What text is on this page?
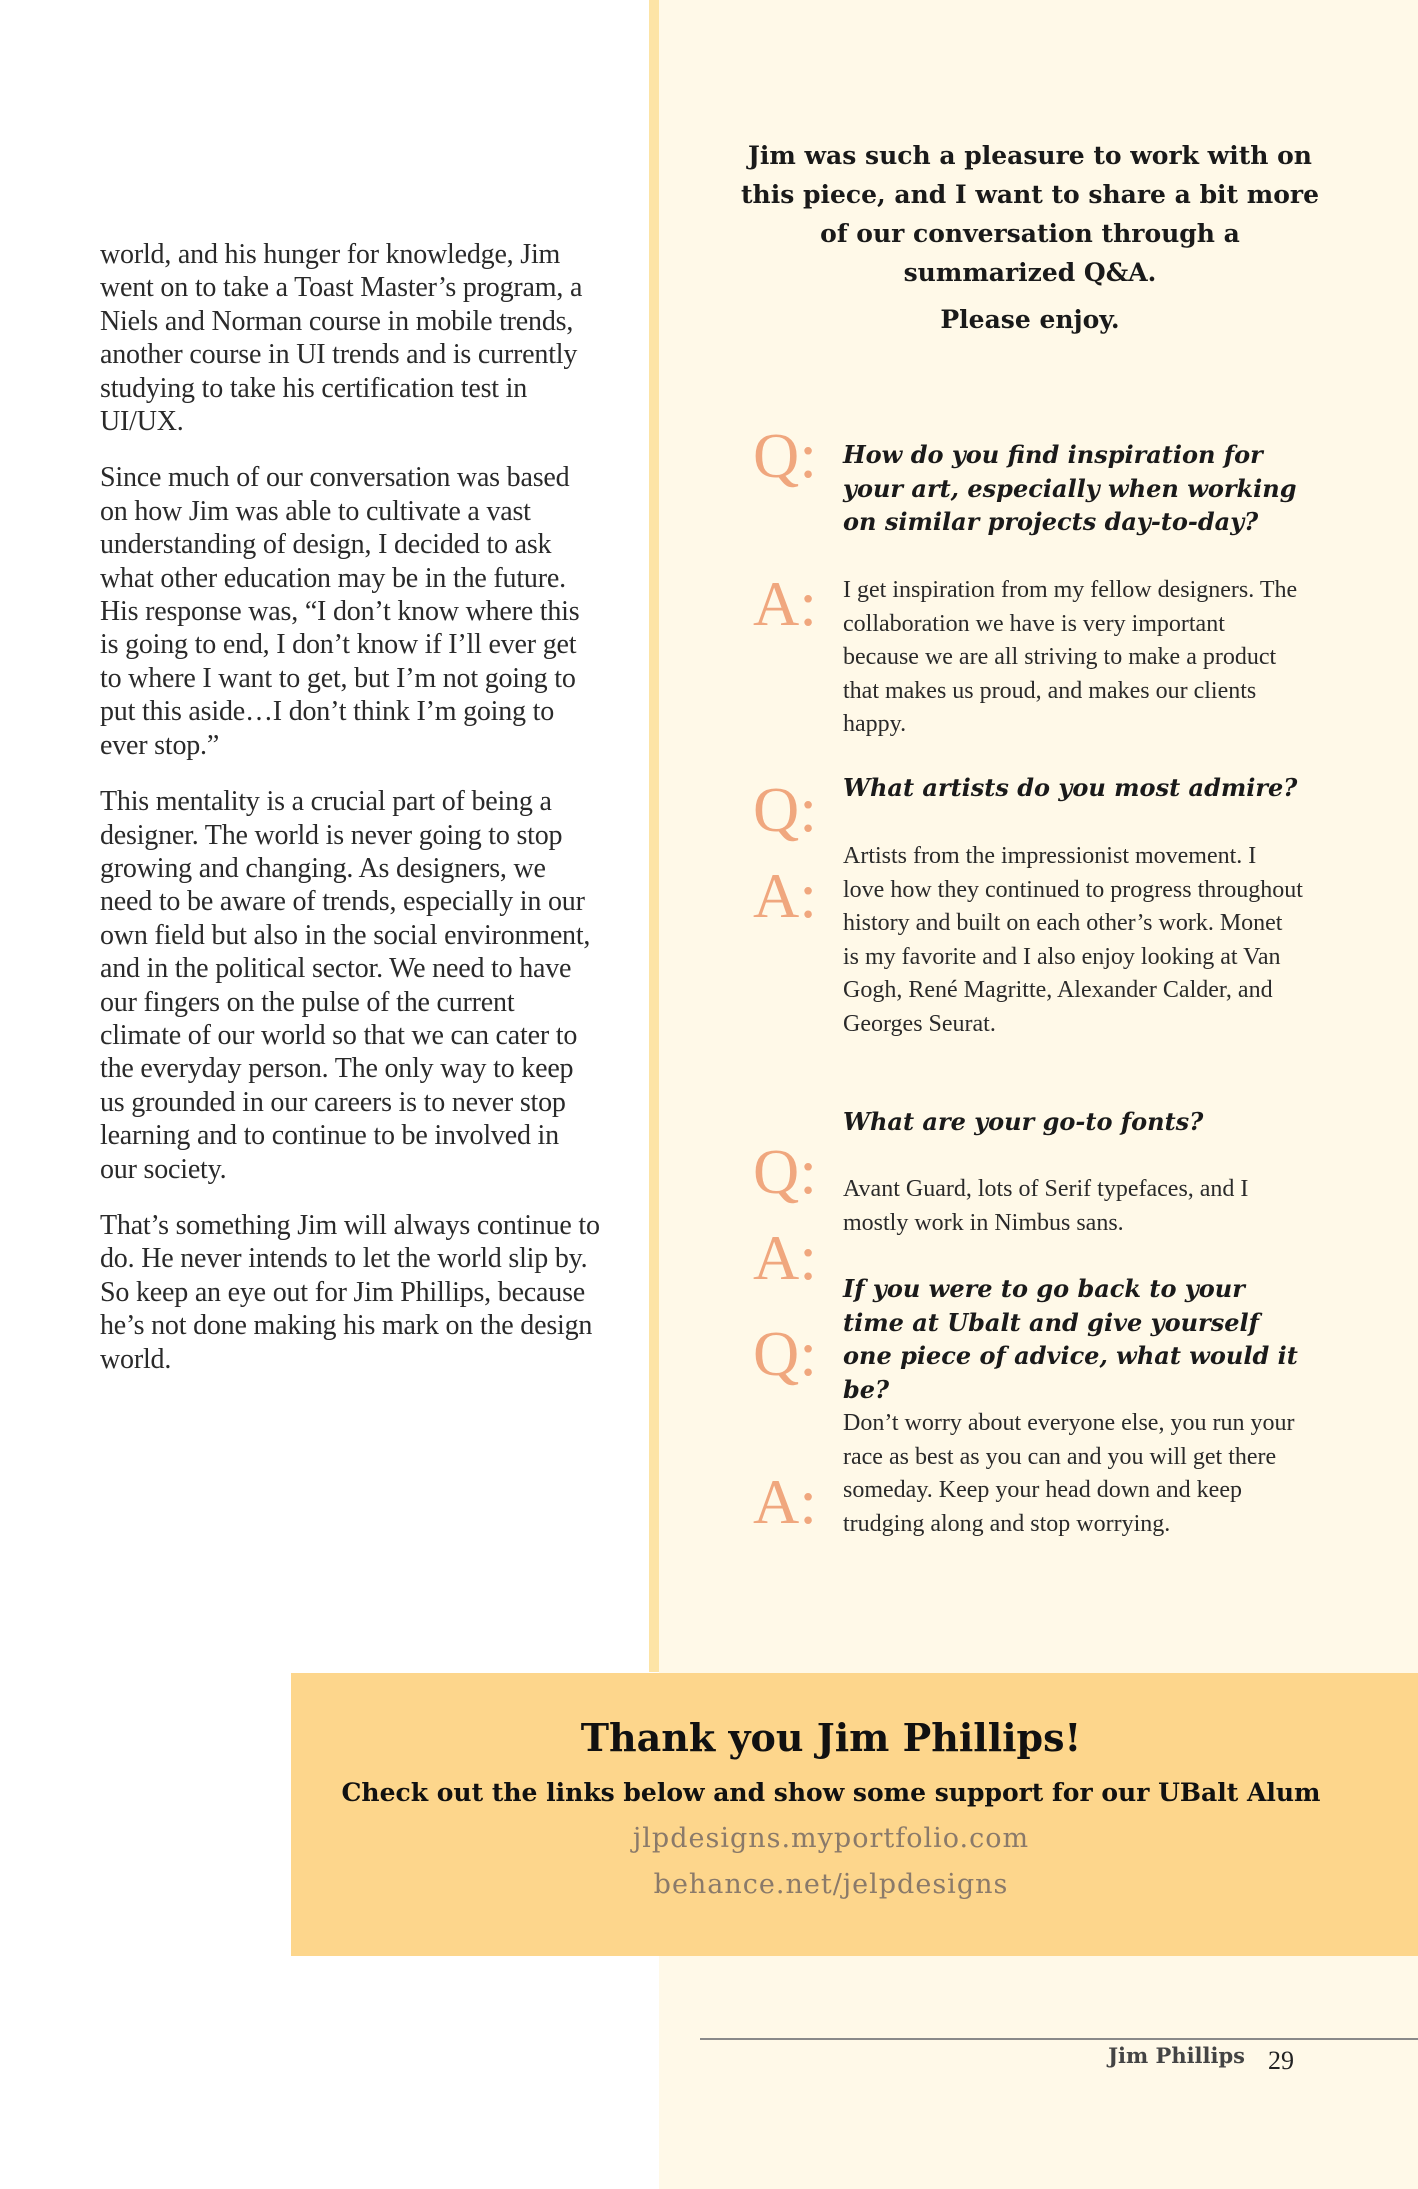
world, and his hunger for knowledge, Jim went on to take a Toast Master’s program, a Niels and Norman course in mobile trends, another course in UI trends and is currently studying to take his certification test in UI/UX.

Since much of our conversation was based on how Jim was able to cultivate a vast understanding of design, I decided to ask what other education may be in the future. His response was, “I don’t know where this is going to end, I don’t know if I’ll ever get to where I want to get, but I’m not going to put this aside…I don’t think I’m going to ever stop.”

This mentality is a crucial part of being a designer. The world is never going to stop growing and changing. As designers, we need to be aware of trends, especially in our own field but also in the social environment, and in the political sector. We need to have our fingers on the pulse of the current climate of our world so that we can cater to the everyday person. The only way to keep us grounded in our careers is to never stop learning and to continue to be involved in our society.

That’s something Jim will always continue to do. He never intends to let the world slip by. So keep an eye out for Jim Phillips, because he’s not done making his mark on the design world.

Jim was such a pleasure to work with on this piece, and I want to share a bit more of our conversation through a summarized Q&A.
Please enjoy.
Q: How do you find inspiration for your art, especially when working on similar projects day-to-day?
A: I get inspiration from my fellow designers. The collaboration we have is very important because we are all striving to make a product that makes us proud, and makes our clients happy.
Q: What artists do you most admire?
A:
Artists from the impressionist movement. I love how they continued to progress throughout history and built on each other’s work. Monet is my favorite and I also enjoy looking at Van Gogh, René Magritte, Alexander Calder, and Georges Seurat.
Q:
What are your go-to fonts?
A:
Avant Guard, lots of Serif typefaces, and I mostly work in Nimbus sans.
Q:
If you were to go back to your time at Ubalt and give yourself one piece of advice, what would it be?
A:
Don’t worry about everyone else, you run your race as best as you can and you will get there someday. Keep your head down and keep trudging along and stop worrying.
Thank you Jim Phillips!
Check out the links below and show some support for our UBalt Alum
jlpdesigns.myportfolio.com
behance.net/jelpdesigns
Jim Phillips 29
